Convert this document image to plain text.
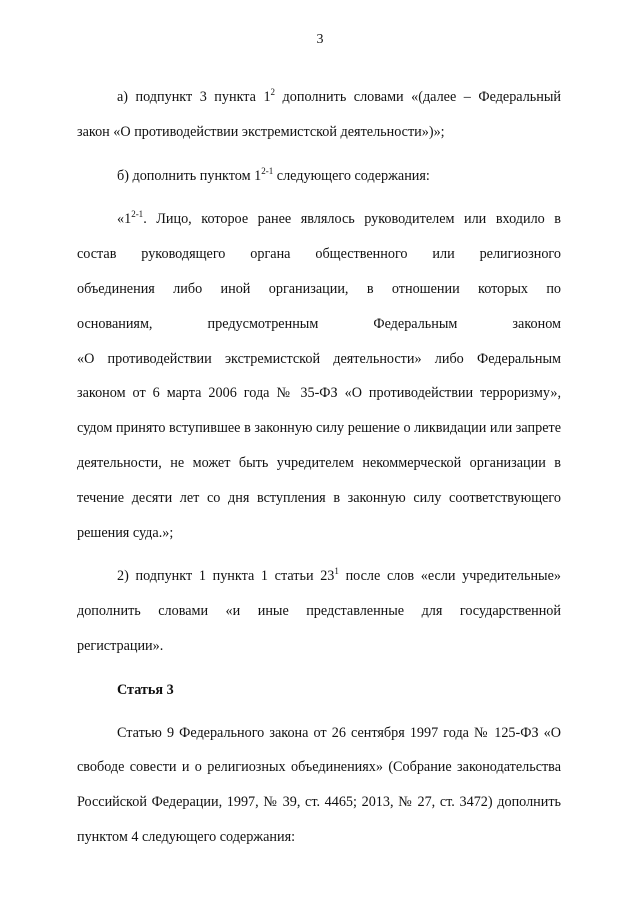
3

а) подпункт 3 пункта $1^2$ дополнить словами «(далее – Федеральный закон «О противодействии экстремистской деятельности»)»;

б) дополнить пунктом 1$^{2-1}$ следующего содержания:

«1$^{2-1}$. Лицо, которое ранее являлось руководителем или входило в

состав руководящего органа общественного или религиозного

объединения либо иной организации, в отношении которых по

основаниям, предусмотренным Федеральным законом

«О противодействии экстремистской деятельности» либо Федеральным законом от 6 марта 2006 года № 35-ФЗ «О противодействии терроризму», судом принято вступившее в законную силу решение о ликвидации или запрете деятельности, не может быть учредителем некоммерческой организации в течение десяти лет со дня вступления в законную силу соответствующего решения суда.»;

2) подпункт 1 пункта 1 статьи $23^1$ после слов «если учредительные» дополнить словами «и иные представленные для государственной регистрации».

Статья 3

Статью 9 Федерального закона от 26 сентября 1997 года № 125-ФЗ «О свободе совести и о религиозных объединениях» (Собрание законодательства Российской Федерации, 1997, № 39, ст. 4465; 2013, № 27, ст. 3472) дополнить пунктом 4 следующего содержания:
